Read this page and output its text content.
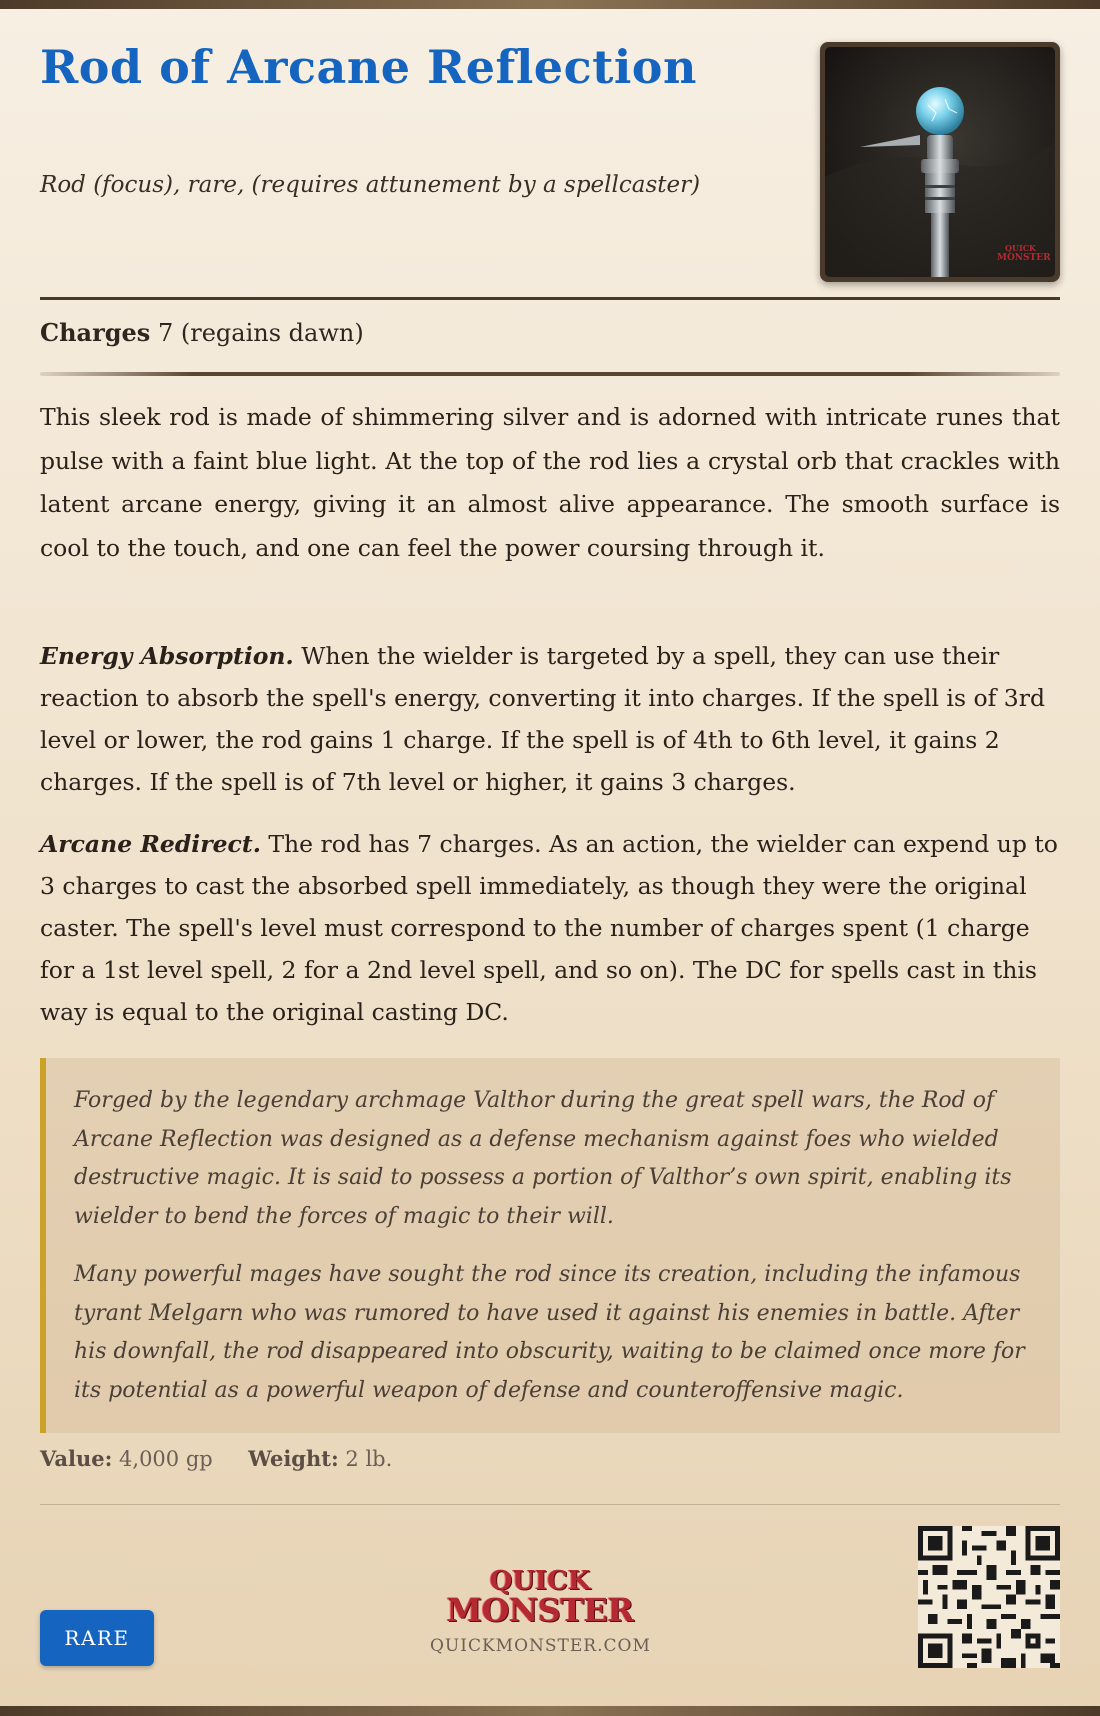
Rod of Arcane Reflection
Rod (focus), rare, (requires attunement by a spellcaster)
QUICK
MONSTER
Charges 7 (regains dawn)

This sleek rod is made of shimmering silver and is adorned with intricate runes that pulse with a faint blue light. At the top of the rod lies a crystal orb that crackles with latent arcane energy, giving it an almost alive appearance. The smooth surface is cool to the touch, and one can feel the power coursing through it.

Energy Absorption. When the wielder is targeted by a spell, they can use their reaction to absorb the spell's energy, converting it into charges. If the spell is of 3rd level or lower, the rod gains 1 charge. If the spell is of 4th to 6th level, it gains 2 charges. If the spell is of 7th level or higher, it gains 3 charges.

Arcane Redirect. The rod has 7 charges. As an action, the wielder can expend up to 3 charges to cast the absorbed spell immediately, as though they were the original caster. The spell's level must correspond to the number of charges spent (1 charge for a 1st level spell, 2 for a 2nd level spell, and so on). The DC for spells cast in this way is equal to the original casting DC.

Forged by the legendary archmage Valthor during the great spell wars, the Rod of Arcane Reflection was designed as a defense mechanism against foes who wielded destructive magic. It is said to possess a portion of Valthor’s own spirit, enabling its wielder to bend the forces of magic to their will.

Many powerful mages have sought the rod since its creation, including the infamous tyrant Melgarn who was rumored to have used it against his enemies in battle. After his downfall, the rod disappeared into obscurity, waiting to be claimed once more for its potential as a powerful weapon of defense and counteroffensive magic.

Value: 4,000 gp Weight: 2 lb.
RARE
QUICK
MONSTER
QUICKMONSTER.COM
